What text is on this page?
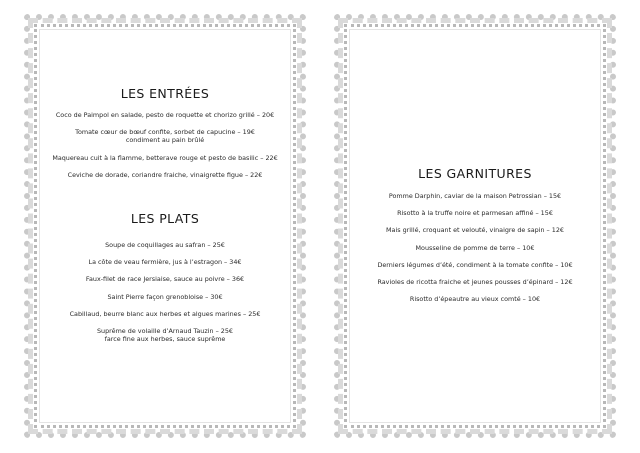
LES ENTRÉES
Coco de Paimpol en salade, pesto de roquette et chorizo grillé – 20€
Tomate cœur de bœuf confite, sorbet de capucine – 19€
condiment au pain brûlé
Maquereau cuit à la flamme, betterave rouge et pesto de basilic – 22€
Ceviche de dorade, coriandre fraiche, vinaigrette figue – 22€
LES PLATS
Soupe de coquillages au safran – 25€
La côte de veau fermière, jus à l’estragon – 34€
Faux-filet de race Jersiaise, sauce au poivre – 36€
Saint Pierre façon grenobloise – 30€
Cabillaud, beurre blanc aux herbes et algues marines – 25€
Suprême de volaille d’Arnaud Tauzin – 25€
farce fine aux herbes, sauce suprême
LES GARNITURES
Pomme Darphin, caviar de la maison Petrossian – 15€
Risotto à la truffe noire et parmesan affiné – 15€
Mais grillé, croquant et velouté, vinaigre de sapin – 12€
Mousseline de pomme de terre – 10€
Derniers légumes d’été, condiment à la tomate confite – 10€
Ravioles de ricotta fraiche et jeunes pousses d’épinard – 12€
Risotto d’épeautre au vieux comté – 10€
